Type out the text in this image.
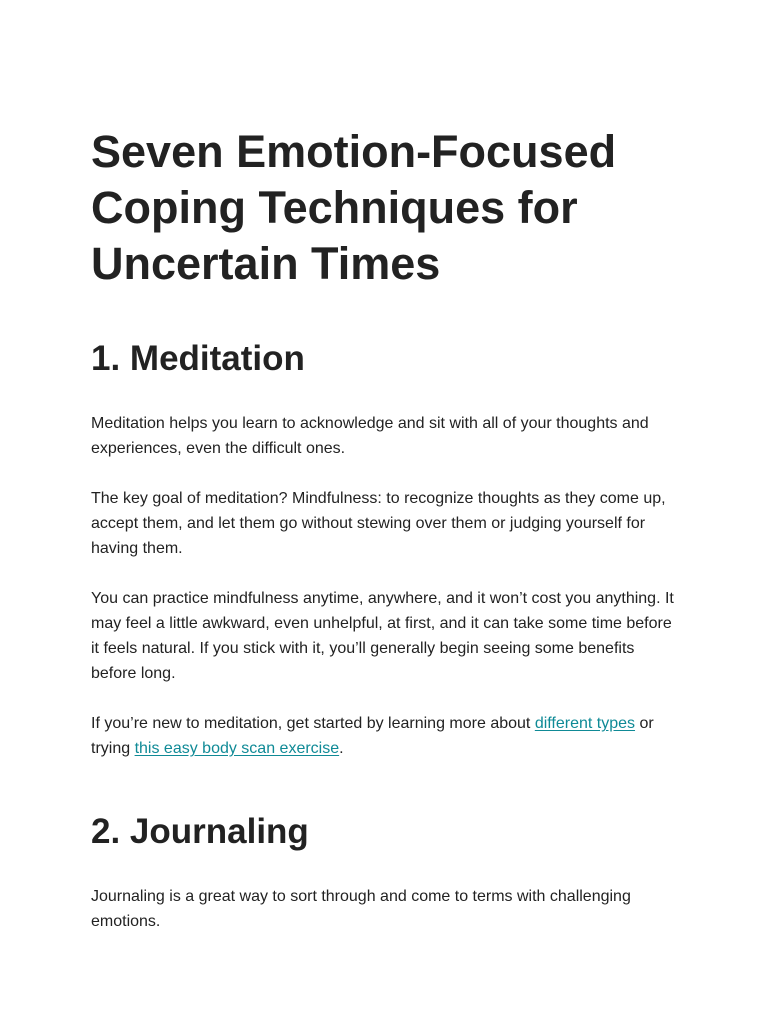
Seven Emotion-Focused Coping Techniques for Uncertain Times
1. Meditation

Meditation helps you learn to acknowledge and sit with all of your thoughts and experiences, even the difficult ones.

The key goal of meditation? Mindfulness: to recognize thoughts as they come up, accept them, and let them go without stewing over them or judging yourself for having them.

You can practice mindfulness anytime, anywhere, and it won’t cost you anything. It may feel a little awkward, even unhelpful, at first, and it can take some time before it feels natural. If you stick with it, you’ll generally begin seeing some benefits before long.

If you’re new to meditation, get started by learning more about different types or trying this easy body scan exercise.

2. Journaling

Journaling is a great way to sort through and come to terms with challenging emotions.
